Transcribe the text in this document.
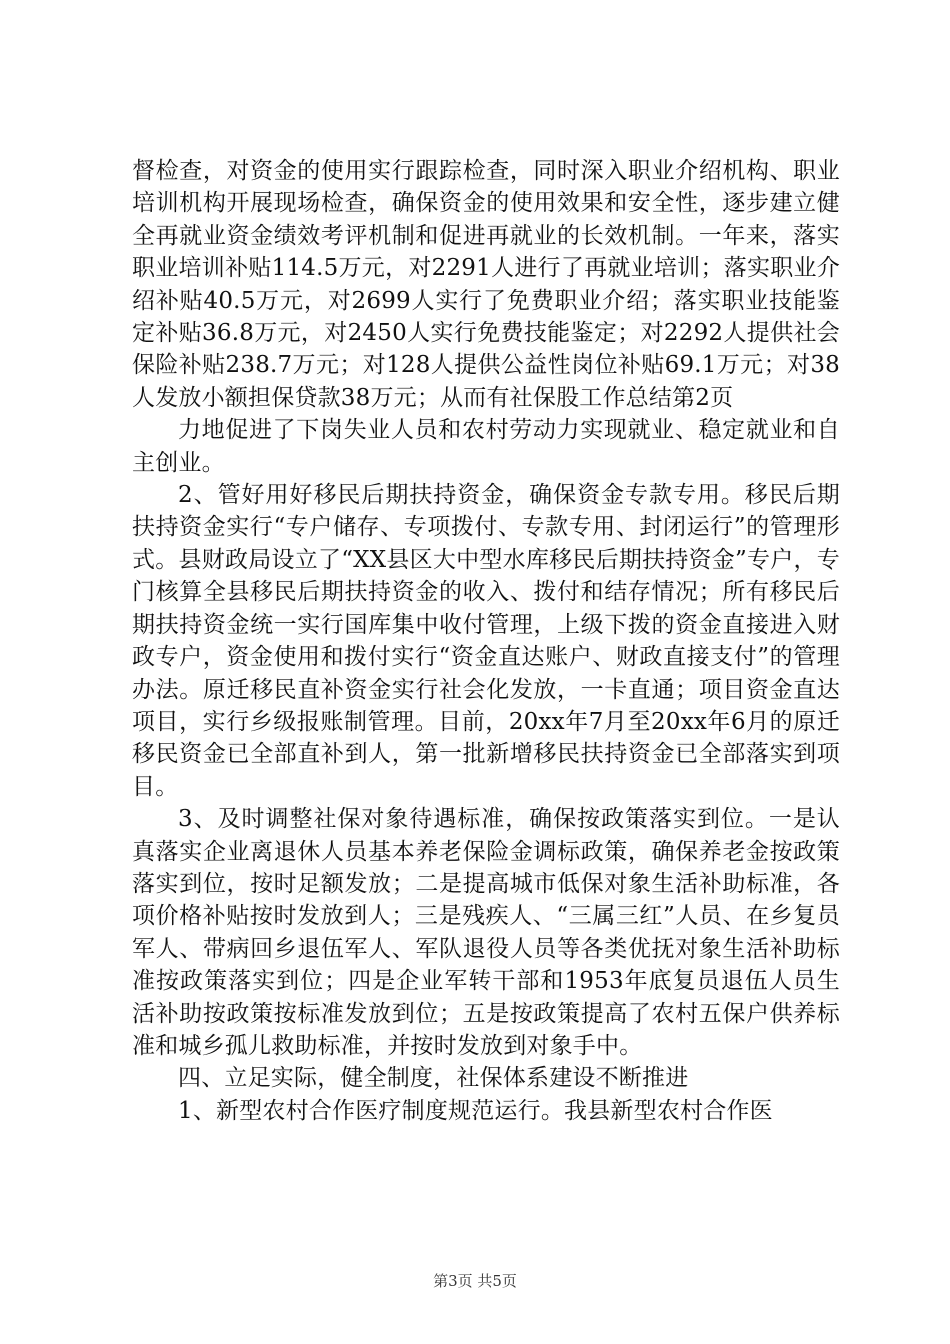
督检查，对资金的使用实行跟踪检查，同时深入职业介绍机构、职业培训机构开展现场检查，确保资金的使用效果和安全性，逐步建立健全再就业资金绩效考评机制和促进再就业的长效机制。一年来，落实职业培训补贴114.5万元，对2291人进行了再就业培训；落实职业介绍补贴40.5万元，对2699人实行了免费职业介绍；落实职业技能鉴定补贴36.8万元，对2450人实行免费技能鉴定；对2292人提供社会保险补贴238.7万元；对128人提供公益性岗位补贴69.1万元；对38人发放小额担保贷款38万元；从而有社保股工作总结第2页

力地促进了下岗失业人员和农村劳动力实现就业、稳定就业和自主创业。

2、管好用好移民后期扶持资金，确保资金专款专用。移民后期扶持资金实行“专户储存、专项拨付、专款专用、封闭运行”的管理形式。县财政局设立了“XX县区大中型水库移民后期扶持资金”专户，专门核算全县移民后期扶持资金的收入、拨付和结存情况；所有移民后期扶持资金统一实行国库集中收付管理，上级下拨的资金直接进入财政专户，资金使用和拨付实行“资金直达账户、财政直接支付”的管理办法。原迁移民直补资金实行社会化发放，一卡直通；项目资金直达项目，实行乡级报账制管理。目前，20xx年7月至20xx年6月的原迁移民资金已全部直补到人，第一批新增移民扶持资金已全部落实到项目。

3、及时调整社保对象待遇标准，确保按政策落实到位。一是认真落实企业离退休人员基本养老保险金调标政策，确保养老金按政策落实到位，按时足额发放；二是提高城市低保对象生活补助标准，各项价格补贴按时发放到人；三是残疾人、“三属三红”人员、在乡复员军人、带病回乡退伍军人、军队退役人员等各类优抚对象生活补助标准按政策落实到位；四是企业军转干部和1953年底复员退伍人员生活补助按政策按标准发放到位；五是按政策提高了农村五保户供养标准和城乡孤儿救助标准，并按时发放到对象手中。

四、立足实际，健全制度，社保体系建设不断推进

1、新型农村合作医疗制度规范运行。我县新型农村合作医

第3页 共5页
